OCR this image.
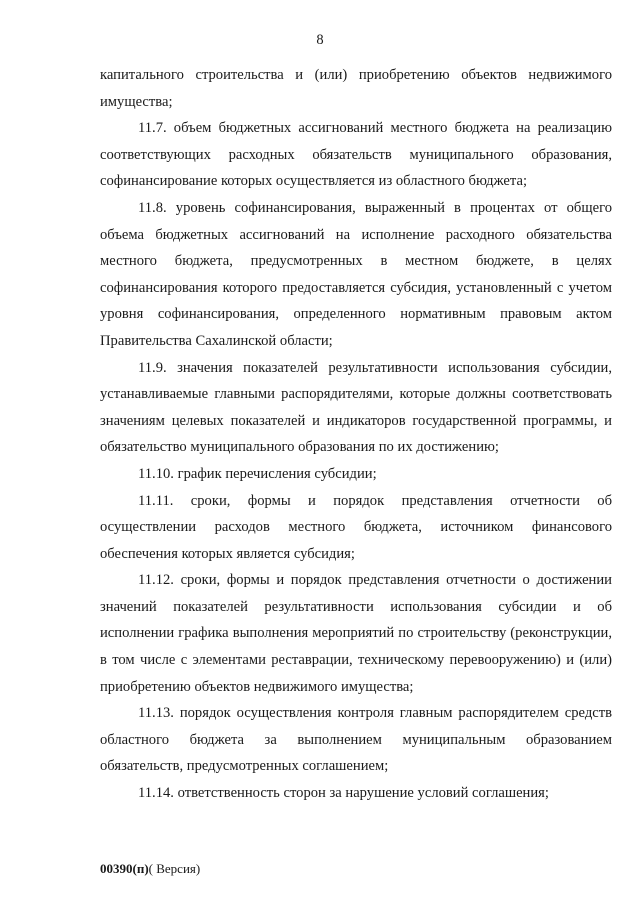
8

капитального строительства и (или) приобретению объектов недвижимого имущества;

11.7. объем бюджетных ассигнований местного бюджета на реализацию соответствующих расходных обязательств муниципального образования, софинансирование которых осуществляется из областного бюджета;

11.8. уровень софинансирования, выраженный в процентах от общего объема бюджетных ассигнований на исполнение расходного обязательства местного бюджета, предусмотренных в местном бюджете, в целях софинансирования которого предоставляется субсидия, установленный с учетом уровня софинансирования, определенного нормативным правовым актом Правительства Сахалинской области;

11.9. значения показателей результативности использования субсидии, устанавливаемые главными распорядителями, которые должны соответствовать значениям целевых показателей и индикаторов государственной программы, и обязательство муниципального образования по их достижению;

11.10. график перечисления субсидии;

11.11. сроки, формы и порядок представления отчетности об осуществлении расходов местного бюджета, источником финансового обеспечения которых является субсидия;

11.12. сроки, формы и порядок представления отчетности о достижении значений показателей результативности использования субсидии и об исполнении графика выполнения мероприятий по строительству (реконструкции, в том числе с элементами реставрации, техническому перевооружению) и (или) приобретению объектов недвижимого имущества;

11.13. порядок осуществления контроля главным распорядителем средств областного бюджета за выполнением муниципальным образованием обязательств, предусмотренных соглашением;

11.14. ответственность сторон за нарушение условий соглашения;

00390(п)( Версия)
